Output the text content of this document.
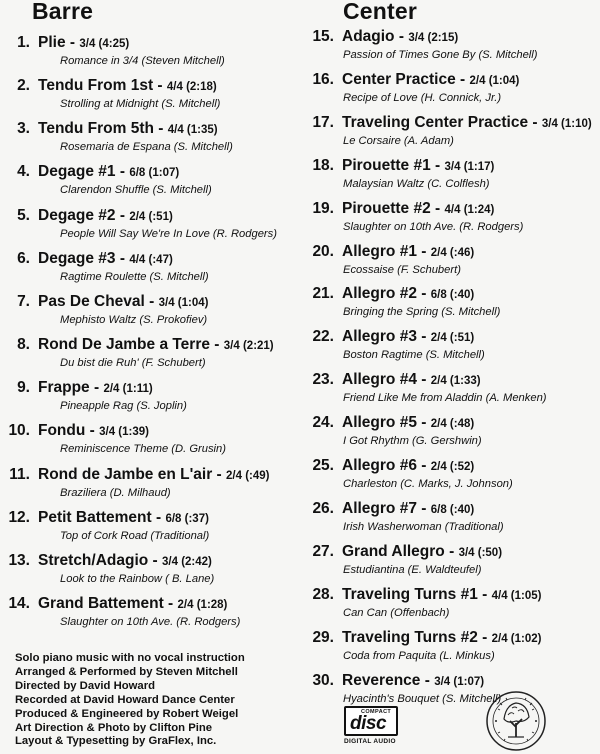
Barre	Center
1. Plie - 3/4 (4:25)
Romance in 3/4 (Steven Mitchell)
2. Tendu From 1st - 4/4 (2:18)
Strolling at Midnight (S. Mitchell)
3. Tendu From 5th - 4/4 (1:35)
Rosemaria de Espana (S. Mitchell)
4. Degage #1 - 6/8 (1:07)
Clarendon Shuffle (S. Mitchell)
5. Degage #2 - 2/4 (:51)
People Will Say We're In Love (R. Rodgers)
6. Degage #3 - 4/4 (:47)
Ragtime Roulette (S. Mitchell)
7. Pas De Cheval - 3/4 (1:04)
Mephisto Waltz (S. Prokofiev)
8. Rond De Jambe a Terre - 3/4 (2:21)
Du bist die Ruh' (F. Schubert)
9. Frappe - 2/4 (1:11)
Pineapple Rag (S. Joplin)
10. Fondu - 3/4 (1:39)
Reminiscence Theme (D. Grusin)
11. Rond de Jambe en L'air - 2/4 (:49)
Braziliera (D. Milhaud)
12. Petit Battement - 6/8 (:37)
Top of Cork Road (Traditional)
13. Stretch/Adagio - 3/4 (2:42)
Look to the Rainbow ( B. Lane)
14. Grand Battement - 2/4 (1:28)
Slaughter on 10th Ave. (R. Rodgers)
15. Adagio - 3/4 (2:15)
Passion of Times Gone By (S. Mitchell)
16. Center Practice - 2/4 (1:04)
Recipe of Love (H. Connick, Jr.)
17. Traveling Center Practice - 3/4 (1:10)
Le Corsaire (A. Adam)
18. Pirouette #1 - 3/4 (1:17)
Malaysian Waltz (C. Colflesh)
19. Pirouette #2 - 4/4 (1:24)
Slaughter on 10th Ave. (R. Rodgers)
20. Allegro #1 - 2/4 (:46)
Ecossaise (F. Schubert)
21. Allegro #2 - 6/8 (:40)
Bringing the Spring (S. Mitchell)
22. Allegro #3 - 2/4 (:51)
Boston Ragtime (S. Mitchell)
23. Allegro #4 - 2/4 (1:33)
Friend Like Me from Aladdin (A. Menken)
24. Allegro #5 - 2/4 (:48)
I Got Rhythm (G. Gershwin)
25. Allegro #6 - 2/4 (:52)
Charleston (C. Marks, J. Johnson)
26. Allegro #7 - 6/8 (:40)
Irish Washerwoman (Traditional)
27. Grand Allegro - 3/4 (:50)
Estudiantina (E. Waldteufel)
28. Traveling Turns #1 - 4/4 (1:05)
Can Can (Offenbach)
29. Traveling Turns #2 - 2/4 (1:02)
Coda from Paquita (L. Minkus)
30. Reverence - 3/4 (1:07)
Hyacinth's Bouquet (S. Mitchell)
Solo piano music with no vocal instruction
Arranged & Performed by Steven Mitchell
Directed by David Howard
Recorded at David Howard Dance Center
Produced & Engineered by Robert Weigel
Art Direction & Photo by Clifton Pine
Layout & Typesetting by GraFlex, Inc.
COMPACT
disc
DIGITAL AUDIO
